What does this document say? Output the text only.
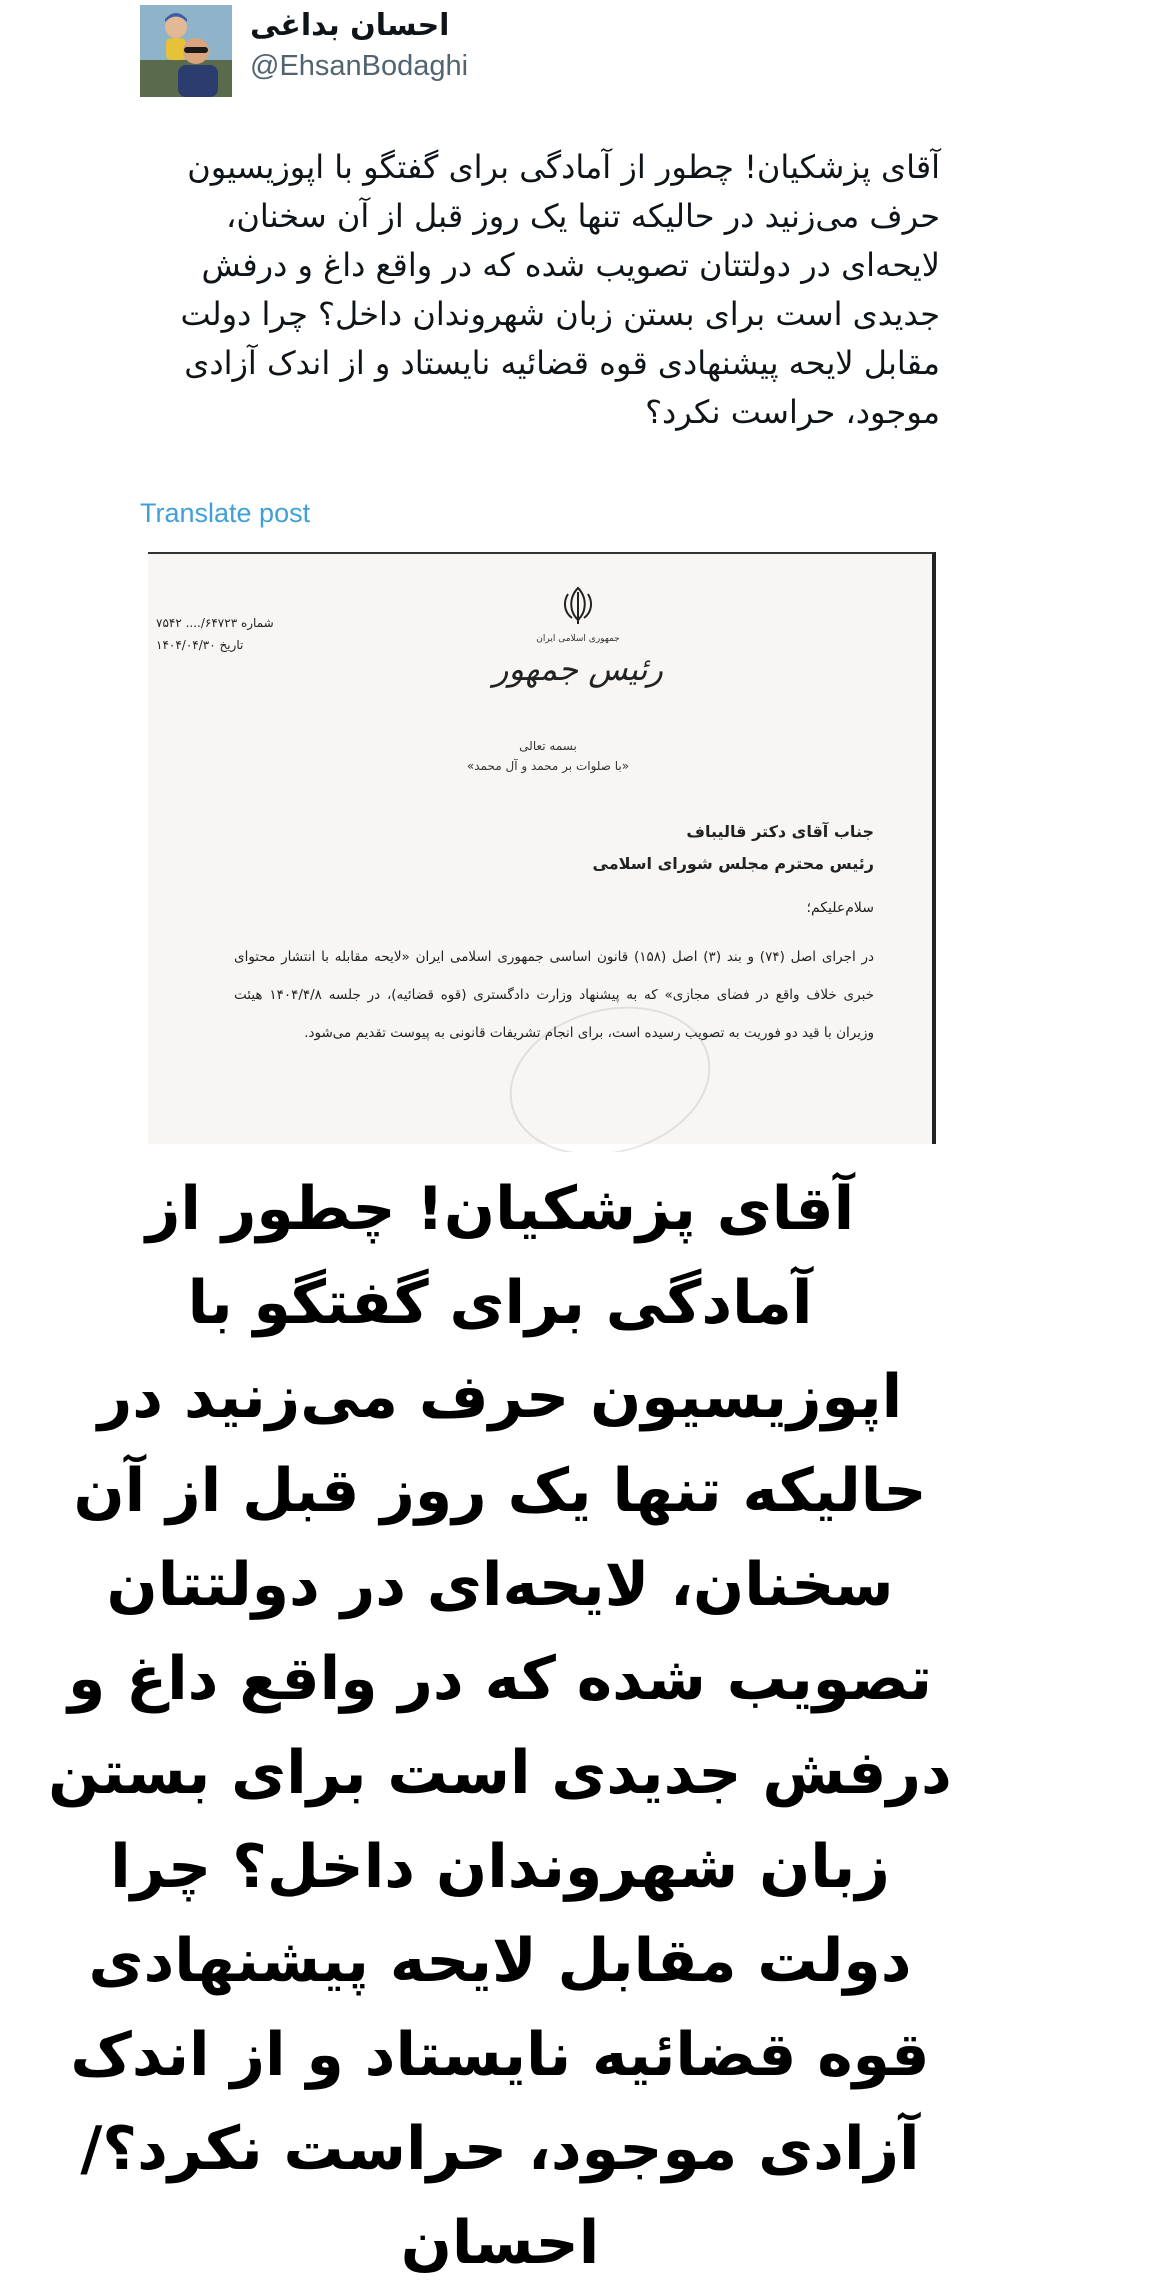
احسان بداغی
@EhsanBodaghi

آقای پزشکیان! چطور از آمادگی برای گفتگو با اپوزیسیون حرف می‌زنید در حالیکه تنها یک روز قبل از آن سخنان، لایحه‌ای در دولتتان تصویب شده که در واقع داغ و درفش جدیدی است برای بستن زبان شهروندان داخل؟ چرا دولت مقابل لایحه پیشنهادی قوه قضائیه نایستاد و از اندک آزادی موجود، حراست نکرد؟

Translate post
جمهوری اسلامی ایران
رئیس جمهور
شماره ۶۴۷۲۳/.... ۷۵۴۲
تاریخ ۱۴۰۴/۰۴/۳۰
بسمه تعالی
«با صلوات بر محمد و آل محمد»
جناب آقای دکتر قالیباف
رئیس محترم مجلس شورای اسلامی
سلام‌علیکم؛
در اجرای اصل (۷۴) و بند (۳) اصل (۱۵۸) قانون اساسی جمهوری اسلامی ایران «لایحه مقابله با انتشار محتوای خبری خلاف واقع در فضای مجازی» که به پیشنهاد وزارت دادگستری (قوه قضائیه)، در جلسه ۱۴۰۴/۴/۸ هیئت وزیران با قید دو فوریت به تصویب رسیده است، برای انجام تشریفات قانونی به پیوست تقدیم می‌شود.

آقای پزشکیان! چطور از آمادگی برای گفتگو با اپوزیسیون حرف می‌زنید در حالیکه تنها یک روز قبل از آن سخنان، لایحه‌ای در دولتتان تصویب شده که در واقع داغ و درفش جدیدی است برای بستن زبان شهروندان داخل؟ چرا دولت مقابل لایحه پیشنهادی قوه قضائیه نایستاد و از اندک آزادی موجود، حراست نکرد؟/ احسان
